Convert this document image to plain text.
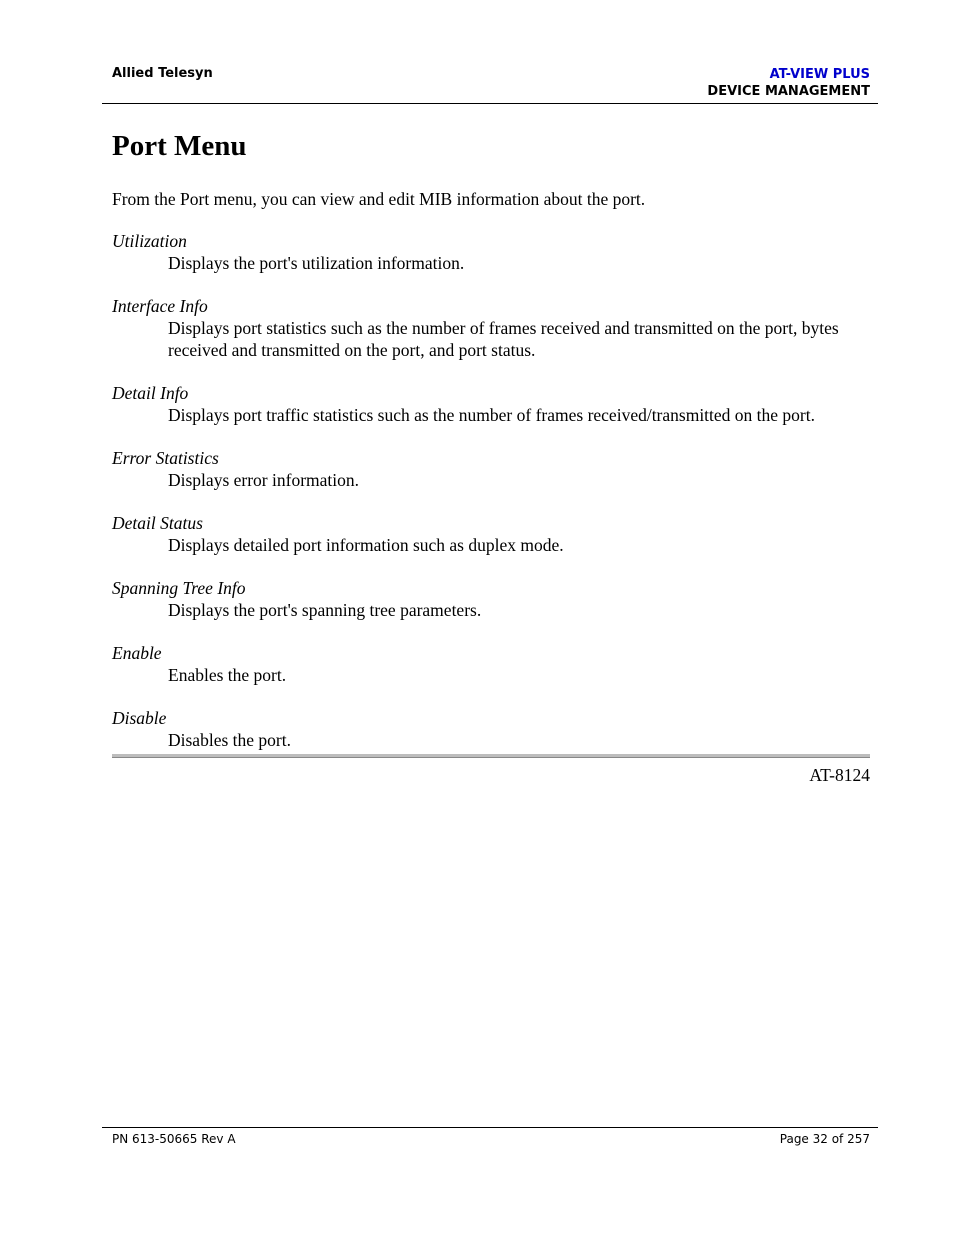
Allied Telesyn	AT-VIEW PLUS
DEVICE MANAGEMENT
Port Menu

From the Port menu, you can view and edit MIB information about the port.

Utilization

Displays the port's utilization information.

Interface Info

Displays port statistics such as the number of frames received and transmitted on the port, bytes received and transmitted on the port, and port status.

Detail Info

Displays port traffic statistics such as the number of frames received/transmitted on the port.

Error Statistics

Displays error information.

Detail Status

Displays detailed port information such as duplex mode.

Spanning Tree Info

Displays the port's spanning tree parameters.

Enable

Enables the port.

Disable

Disables the port.

AT-8124
PN 613-50665 Rev A	Page 32 of 257
